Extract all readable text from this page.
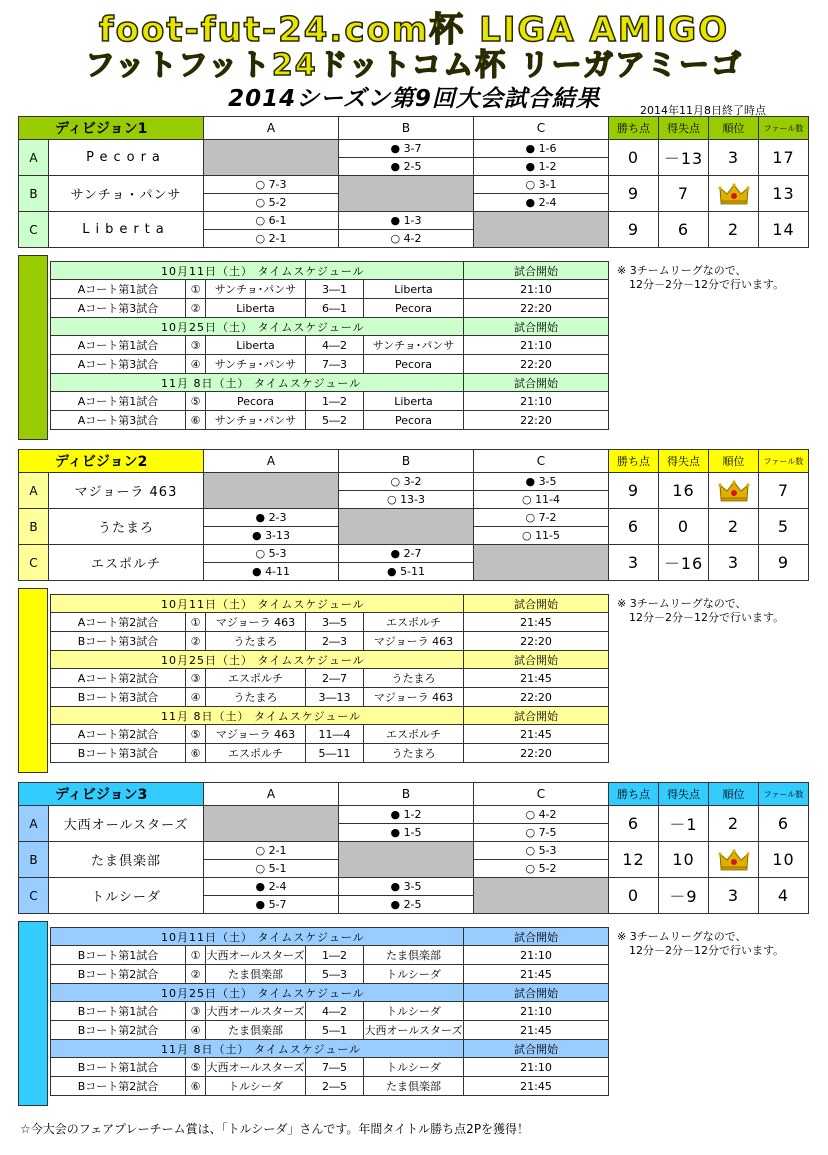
foot-fut-24.com杯 LIGA AMIGO
フットフット24ドットコム杯 リーガアミーゴ
2014シーズン第9回大会試合結果	2014年11月8日終了時点
ディビジョン1		A	B	C	勝ち点	得失点	順位	ファール数
A	Pecora		● 3-7	● 1-6	0	－13	3	17
			● 2-5	● 1-2				
B	サンチョ・パンサ	○ 7-3		○ 3-1	9	7		13
		○ 5-2		● 2-4				
C	Liberta	○ 6-1	● 1-3		9	6	2	14
		○ 2-1	○ 4-2					
10月11日（土） タイムスケジュール					試合開始
Aコート第1試合	①	サンチョ･パンサ	3―1	Liberta	21:10
Aコート第3試合	②	Liberta	6―1	Pecora	22:20
10月25日（土） タイムスケジュール					試合開始
Aコート第1試合	③	Liberta	4―2	サンチョ･パンサ	21:10
Aコート第3試合	④	サンチョ･パンサ	7―3	Pecora	22:20
11月 8日（土） タイムスケジュール					試合開始
Aコート第1試合	⑤	Pecora	1―2	Liberta	21:10
Aコート第3試合	⑥	サンチョ･パンサ	5―2	Pecora	22:20
※ 3チームリーグなので、
12分－2分－12分で行います。
ディビジョン2		A	B	C	勝ち点	得失点	順位	ファール数
A	マジョーラ 463		○ 3-2	● 3-5	9	16		7
			○ 13-3	○ 11-4				
B	うたまろ	● 2-3		○ 7-2	6	0	2	5
		● 3-13		○ 11-5				
C	エスポルチ	○ 5-3	● 2-7		3	－16	3	9
		● 4-11	● 5-11					
10月11日（土） タイムスケジュール					試合開始
Aコート第2試合	①	マジョーラ 463	3―5	エスポルチ	21:45
Bコート第3試合	②	うたまろ	2―3	マジョーラ 463	22:20
10月25日（土） タイムスケジュール					試合開始
Aコート第2試合	③	エスポルチ	2―7	うたまろ	21:45
Bコート第3試合	④	うたまろ	3―13	マジョーラ 463	22:20
11月 8日（土） タイムスケジュール					試合開始
Aコート第2試合	⑤	マジョーラ 463	11―4	エスポルチ	21:45
Bコート第3試合	⑥	エスポルチ	5―11	うたまろ	22:20
※ 3チームリーグなので、
12分－2分－12分で行います。
ディビジョン3		A	B	C	勝ち点	得失点	順位	ファール数
A	大西オールスターズ		● 1-2	○ 4-2	6	－1	2	6
			● 1-5	○ 7-5				
B	たま倶楽部	○ 2-1		○ 5-3	12	10		10
		○ 5-1		○ 5-2				
C	トルシーダ	● 2-4	● 3-5		0	－9	3	4
		● 5-7	● 2-5					
10月11日（土） タイムスケジュール					試合開始
Bコート第1試合	①	大西オールスターズ	1―2	たま倶楽部	21:10
Bコート第2試合	②	たま倶楽部	5―3	トルシーダ	21:45
10月25日（土） タイムスケジュール					試合開始
Bコート第1試合	③	大西オールスターズ	4―2	トルシーダ	21:10
Bコート第2試合	④	たま倶楽部	5―1	大西オールスターズ	21:45
11月 8日（土） タイムスケジュール					試合開始
Bコート第1試合	⑤	大西オールスターズ	7―5	トルシーダ	21:10
Bコート第2試合	⑥	トルシーダ	2―5	たま倶楽部	21:45
※ 3チームリーグなので、
12分－2分－12分で行います。
☆今大会のフェアプレーチーム賞は、「トルシーダ」さんです。年間タイトル勝ち点2Pを獲得！
